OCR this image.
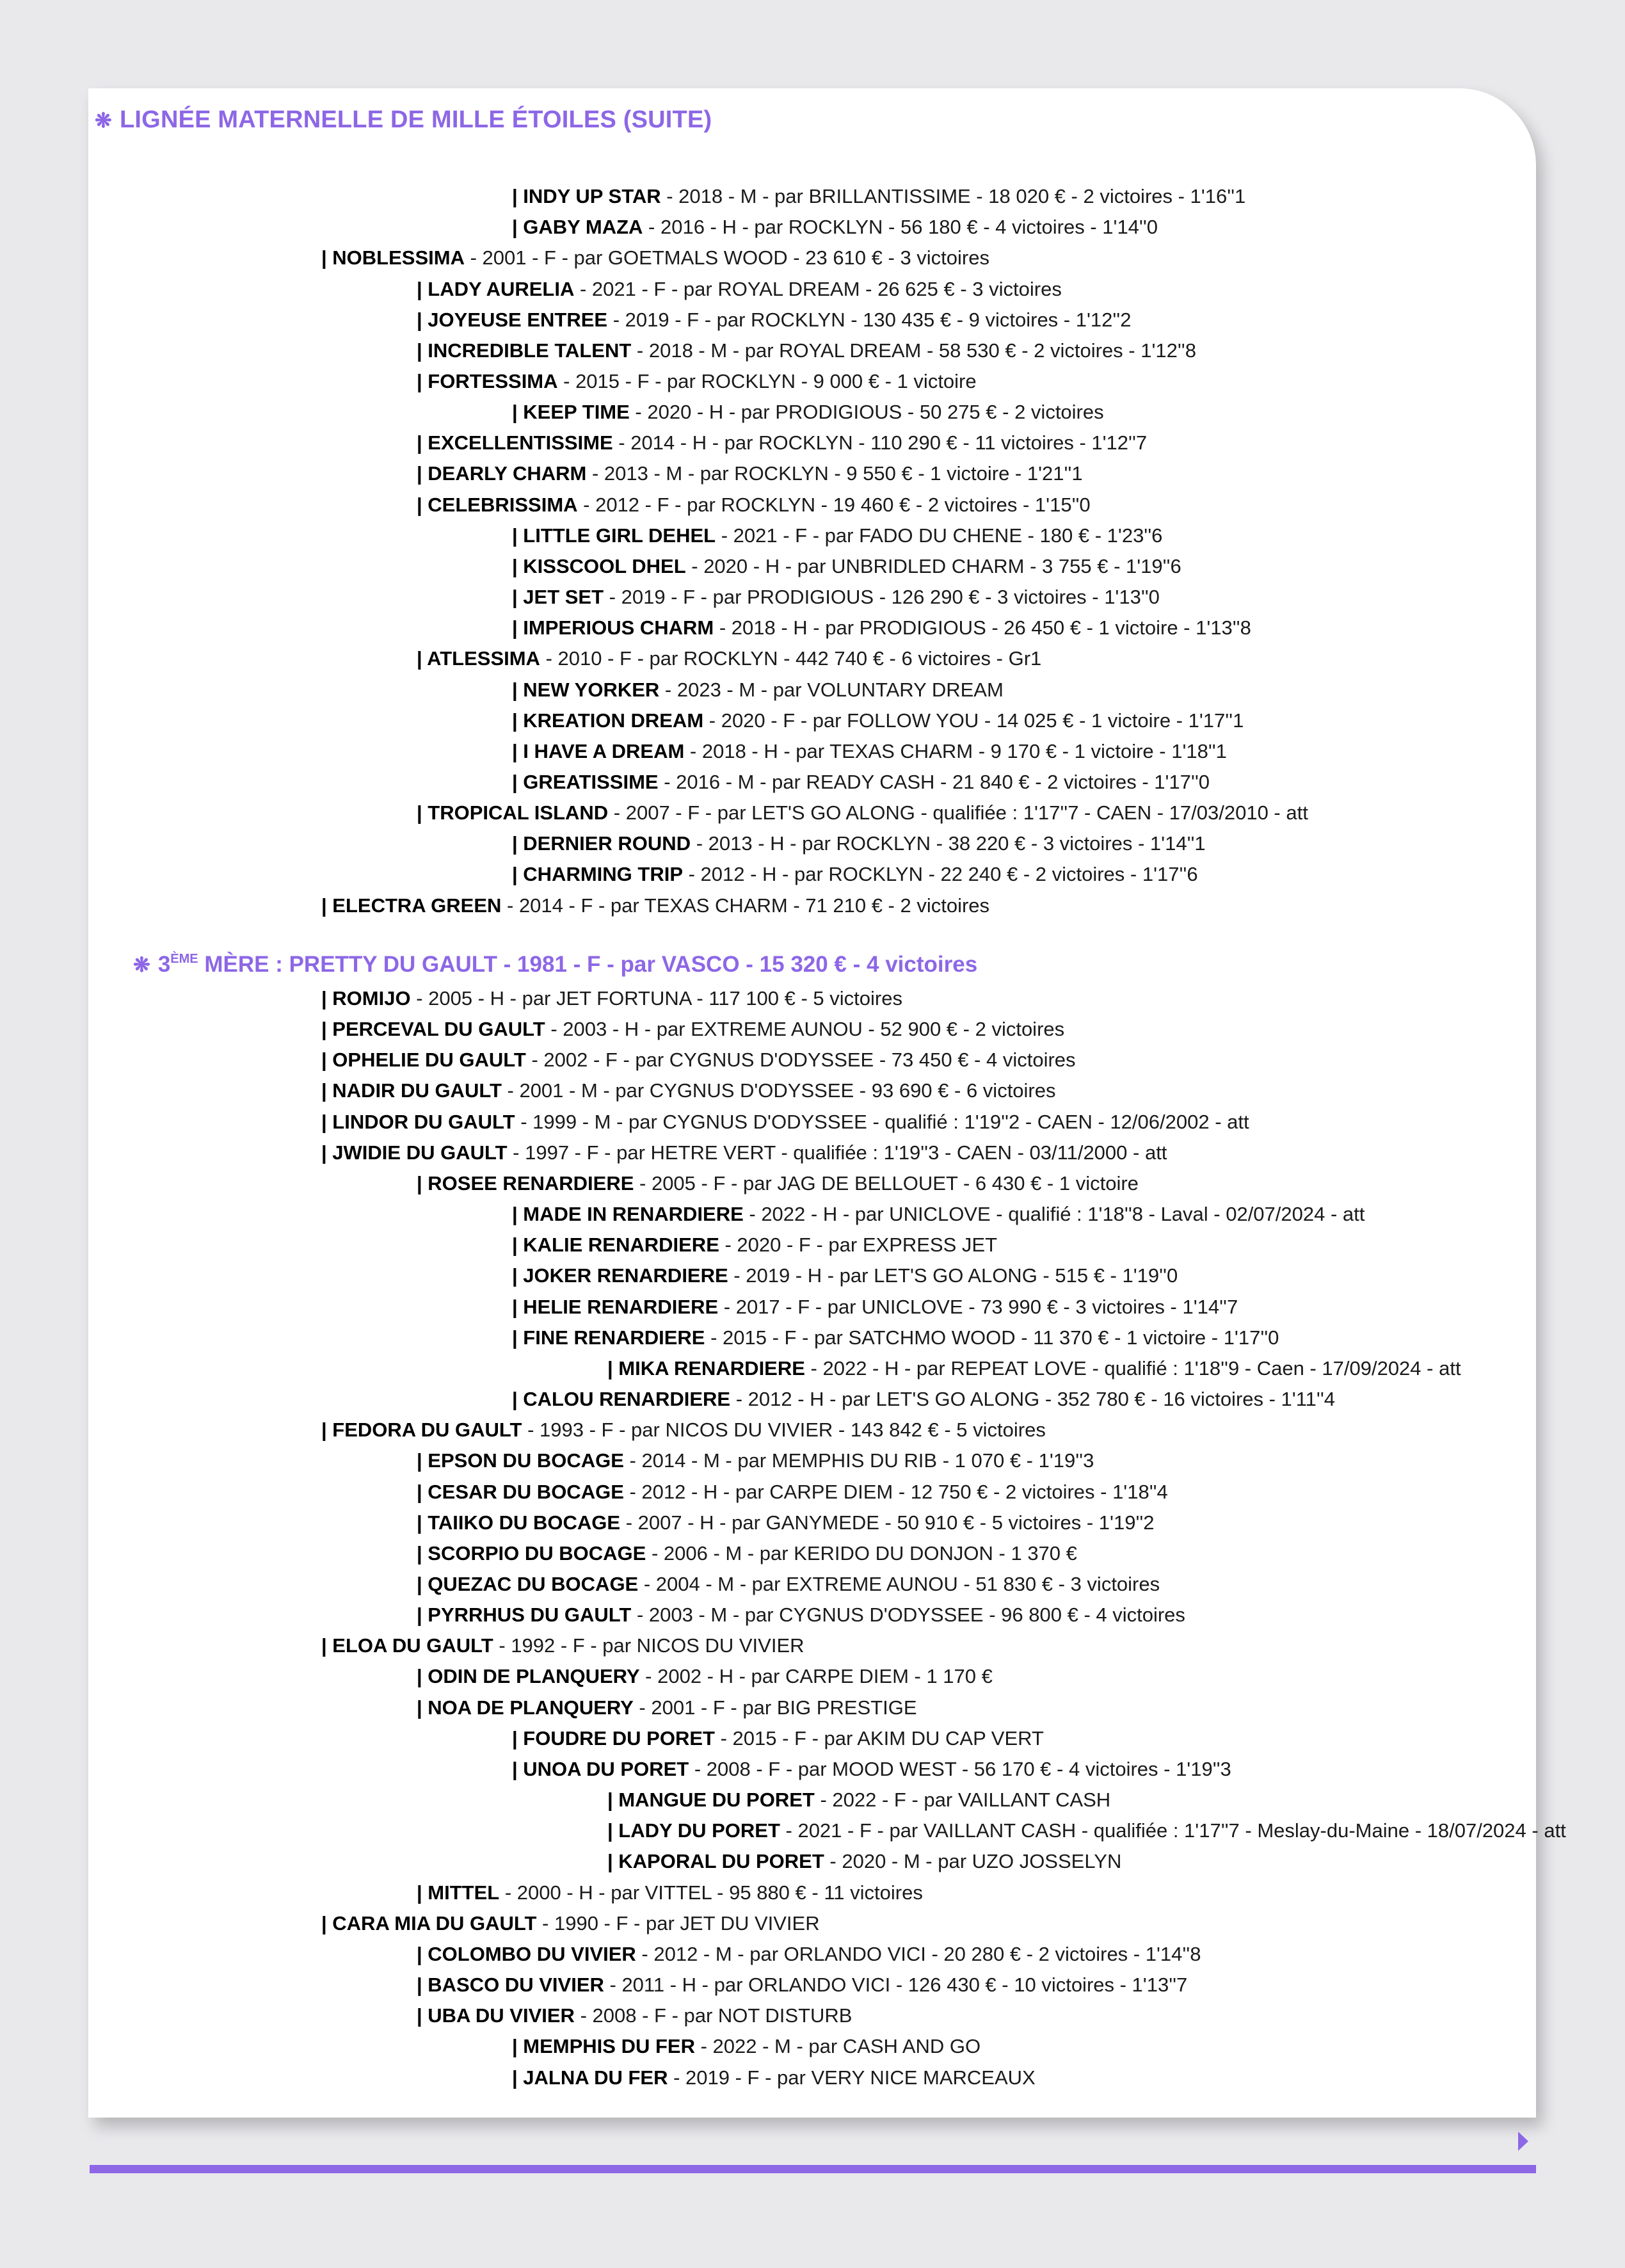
❋ LIGNÉE MATERNELLE DE MILLE ÉTOILES (SUITE)
| INDY UP STAR - 2018 - M - par BRILLANTISSIME - 18 020 € - 2 victoires - 1'16''1
| GABY MAZA - 2016 - H - par ROCKLYN - 56 180 € - 4 victoires - 1'14''0
| NOBLESSIMA - 2001 - F - par GOETMALS WOOD - 23 610 € - 3 victoires
| LADY AURELIA - 2021 - F - par ROYAL DREAM - 26 625 € - 3 victoires
| JOYEUSE ENTREE - 2019 - F - par ROCKLYN - 130 435 € - 9 victoires - 1'12''2
| INCREDIBLE TALENT - 2018 - M - par ROYAL DREAM - 58 530 € - 2 victoires - 1'12''8
| FORTESSIMA - 2015 - F - par ROCKLYN - 9 000 € - 1 victoire
| KEEP TIME - 2020 - H - par PRODIGIOUS - 50 275 € - 2 victoires
| EXCELLENTISSIME - 2014 - H - par ROCKLYN - 110 290 € - 11 victoires - 1'12''7
| DEARLY CHARM - 2013 - M - par ROCKLYN - 9 550 € - 1 victoire - 1'21''1
| CELEBRISSIMA - 2012 - F - par ROCKLYN - 19 460 € - 2 victoires - 1'15''0
| LITTLE GIRL DEHEL - 2021 - F - par FADO DU CHENE - 180 € - 1'23''6
| KISSCOOL DHEL - 2020 - H - par UNBRIDLED CHARM - 3 755 € - 1'19''6
| JET SET - 2019 - F - par PRODIGIOUS - 126 290 € - 3 victoires - 1'13''0
| IMPERIOUS CHARM - 2018 - H - par PRODIGIOUS - 26 450 € - 1 victoire - 1'13''8
| ATLESSIMA - 2010 - F - par ROCKLYN - 442 740 € - 6 victoires - Gr1
| NEW YORKER - 2023 - M - par VOLUNTARY DREAM
| KREATION DREAM - 2020 - F - par FOLLOW YOU - 14 025 € - 1 victoire - 1'17''1
| I HAVE A DREAM - 2018 - H - par TEXAS CHARM - 9 170 € - 1 victoire - 1'18''1
| GREATISSIME - 2016 - M - par READY CASH - 21 840 € - 2 victoires - 1'17''0
| TROPICAL ISLAND - 2007 - F - par LET'S GO ALONG - qualifiée : 1'17''7 - CAEN - 17/03/2010 - att
| DERNIER ROUND - 2013 - H - par ROCKLYN - 38 220 € - 3 victoires - 1'14''1
| CHARMING TRIP - 2012 - H - par ROCKLYN - 22 240 € - 2 victoires - 1'17''6
| ELECTRA GREEN - 2014 - F - par TEXAS CHARM - 71 210 € - 2 victoires
❋ 3ÈME MÈRE : PRETTY DU GAULT - 1981 - F - par VASCO - 15 320 € - 4 victoires
| ROMIJO - 2005 - H - par JET FORTUNA - 117 100 € - 5 victoires
| PERCEVAL DU GAULT - 2003 - H - par EXTREME AUNOU - 52 900 € - 2 victoires
| OPHELIE DU GAULT - 2002 - F - par CYGNUS D'ODYSSEE - 73 450 € - 4 victoires
| NADIR DU GAULT - 2001 - M - par CYGNUS D'ODYSSEE - 93 690 € - 6 victoires
| LINDOR DU GAULT - 1999 - M - par CYGNUS D'ODYSSEE - qualifié : 1'19''2 - CAEN - 12/06/2002 - att
| JWIDIE DU GAULT - 1997 - F - par HETRE VERT - qualifiée : 1'19''3 - CAEN - 03/11/2000 - att
| ROSEE RENARDIERE - 2005 - F - par JAG DE BELLOUET - 6 430 € - 1 victoire
| MADE IN RENARDIERE - 2022 - H - par UNICLOVE - qualifié : 1'18''8 - Laval - 02/07/2024 - att
| KALIE RENARDIERE - 2020 - F - par EXPRESS JET
| JOKER RENARDIERE - 2019 - H - par LET'S GO ALONG - 515 € - 1'19''0
| HELIE RENARDIERE - 2017 - F - par UNICLOVE - 73 990 € - 3 victoires - 1'14''7
| FINE RENARDIERE - 2015 - F - par SATCHMO WOOD - 11 370 € - 1 victoire - 1'17''0
| MIKA RENARDIERE - 2022 - H - par REPEAT LOVE - qualifié : 1'18''9 - Caen - 17/09/2024 - att
| CALOU RENARDIERE - 2012 - H - par LET'S GO ALONG - 352 780 € - 16 victoires - 1'11''4
| FEDORA DU GAULT - 1993 - F - par NICOS DU VIVIER - 143 842 € - 5 victoires
| EPSON DU BOCAGE - 2014 - M - par MEMPHIS DU RIB - 1 070 € - 1'19''3
| CESAR DU BOCAGE - 2012 - H - par CARPE DIEM - 12 750 € - 2 victoires - 1'18''4
| TAIIKO DU BOCAGE - 2007 - H - par GANYMEDE - 50 910 € - 5 victoires - 1'19''2
| SCORPIO DU BOCAGE - 2006 - M - par KERIDO DU DONJON - 1 370 €
| QUEZAC DU BOCAGE - 2004 - M - par EXTREME AUNOU - 51 830 € - 3 victoires
| PYRRHUS DU GAULT - 2003 - M - par CYGNUS D'ODYSSEE - 96 800 € - 4 victoires
| ELOA DU GAULT - 1992 - F - par NICOS DU VIVIER
| ODIN DE PLANQUERY - 2002 - H - par CARPE DIEM - 1 170 €
| NOA DE PLANQUERY - 2001 - F - par BIG PRESTIGE
| FOUDRE DU PORET - 2015 - F - par AKIM DU CAP VERT
| UNOA DU PORET - 2008 - F - par MOOD WEST - 56 170 € - 4 victoires - 1'19''3
| MANGUE DU PORET - 2022 - F - par VAILLANT CASH
| LADY DU PORET - 2021 - F - par VAILLANT CASH - qualifiée : 1'17''7 - Meslay-du-Maine - 18/07/2024 - att
| KAPORAL DU PORET - 2020 - M - par UZO JOSSELYN
| MITTEL - 2000 - H - par VITTEL - 95 880 € - 11 victoires
| CARA MIA DU GAULT - 1990 - F - par JET DU VIVIER
| COLOMBO DU VIVIER - 2012 - M - par ORLANDO VICI - 20 280 € - 2 victoires - 1'14''8
| BASCO DU VIVIER - 2011 - H - par ORLANDO VICI - 126 430 € - 10 victoires - 1'13''7
| UBA DU VIVIER - 2008 - F - par NOT DISTURB
| MEMPHIS DU FER - 2022 - M - par CASH AND GO
| JALNA DU FER - 2019 - F - par VERY NICE MARCEAUX
